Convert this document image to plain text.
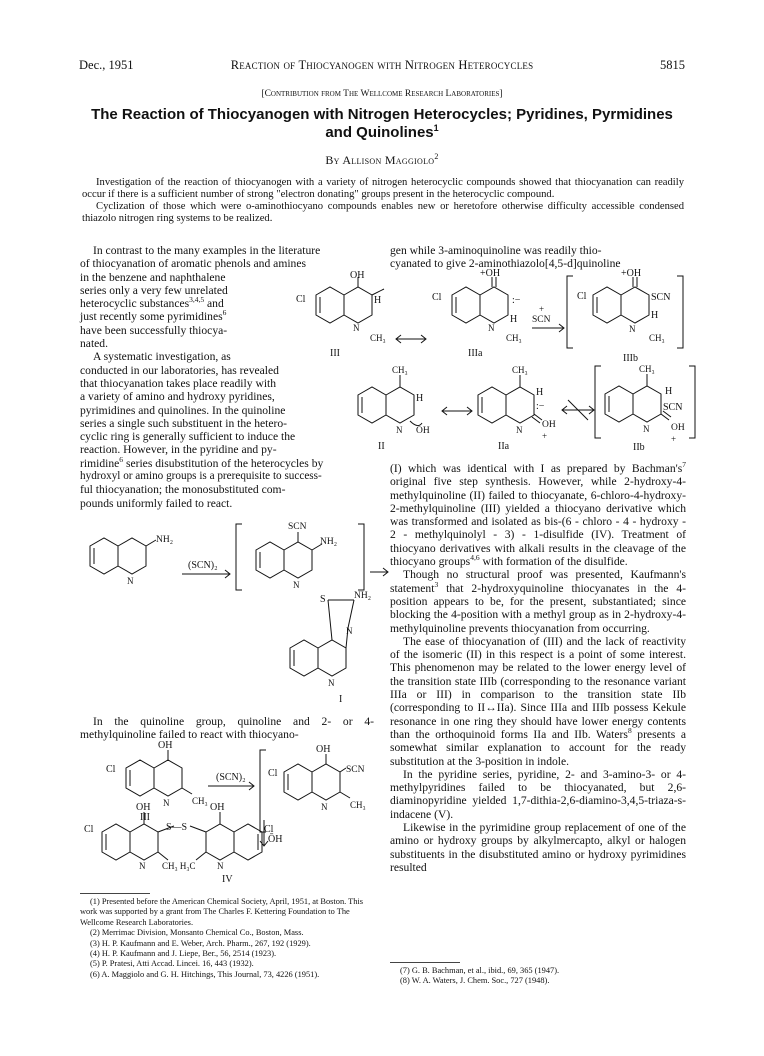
Dec., 1951	Reaction of Thiocyanogen with Nitrogen Heterocycles	5815
[Contribution from The Wellcome Research Laboratories]
The Reaction of Thiocyanogen with Nitrogen Heterocycles; Pyridines, Pyrmidines and Quinolines$^1$
By Allison Maggiolo$^2$

Investigation of the reaction of thiocyanogen with a variety of nitrogen heterocyclic compounds showed that thiocyanation can readily occur if there is a sufficient number of strong "electron donating" groups present in the heterocyclic compound.

Cyclization of those which were o-aminothiocyano compounds enables new or heretofore otherwise difficulty accessible condensed thiazolo nitrogen ring systems to be realized.

In contrast to the many examples in the literature
of thiocyanation of aromatic phenols and amines
in the benzene and naphthalene
series only a very few unrelated
heterocyclic substances$^{3,4,5}$ and
just recently some pyrimidines$^6$
have been successfully thiocya-
nated.
A systematic investigation, as
conducted in our laboratories, has revealed
that thiocyanation takes place readily with
a variety of amino and hydroxy pyridines,
pyrimidines and quinolines. In the quinoline
series a single such substituent in the hetero-
cyclic ring is generally sufficient to induce the
reaction. However, in the pyridine and py-
rimidine$^6$ series disubstitution of the heterocycles by
hydroxyl or amino groups is a prerequisite to success-
ful thiocyanation; the monosubstituted com-
pounds uniformly failed to react.
Cl
OH
H
N
CH₃
III
gen while 3-aminoquinoline was readily thio-
cyanated to give 2-aminothiazolo[4,5-d]quinoline
Cl
+OH
:−
H
N
CH₃
IIIa
+
SCN
Cl
+OH
SCN
H
N
CH₃
IIIb
CH₃
H
N OH
II
CH₃
H
:−
N OH
+
IIa
CH₃
H
SCN
N OH
+
IIb
NH₂
N
(SCN)₂
SCN
NH₂
N
S	NH₂
N
N
I

In the quinoline group, quinoline and 2- or 4-methylquinoline failed to react with thiocyano-

Cl
OH
N	CH₃
III
(SCN)₂ Cl
OH
SCN
N	CH₃
ŌH
Cl
OH	OH
S—S	Cl
N	N
CH₃ H₃C
IV
(1) Presented before the American Chemical Society, April, 1951, at Boston. This work was supported by a grant from The Charles F. Kettering Foundation to The Wellcome Research Laboratories.
(2) Merrimac Division, Monsanto Chemical Co., Boston, Mass.
(3) H. P. Kaufmann and E. Weber, Arch. Pharm., 267, 192 (1929).
(4) H. P. Kaufmann and J. Liepe, Ber., 56, 2514 (1923).
(5) P. Pratesi, Atti Accad. Lincei. 16, 443 (1932).
(6) A. Maggiolo and G. H. Hitchings, This Journal, 73, 4226 (1951).

(I) which was identical with I as prepared by $Bachman's^7$ original five step synthesis. However, while 2-hydroxy-4-methylquinoline (II) failed to thiocyanate, 6-chloro-4-hydroxy-2-methylquinoline (III) yielded a thiocyano derivative which was transformed and isolated as bis-(6 - chloro - 4 - hydroxy - 2 - methylquinolyl - 3) - 1-disulfide (IV). Treatment of thiocyano derivatives with alkali results in the cleavage of the thiocyano groups$^{4,6}$ with formation of the disulfide.

Though no structural proof was presented, Kaufmann's statement$^3$ that 2-hydroxyquinoline thiocyanates in the 4-position appears to be, for the present, substantiated; since blocking the 4-position with a methyl group as in 2-hydroxy-4-methylquinoline prevents thiocyanation from occurring.

The ease of thiocyanation of (III) and the lack of reactivity of the isomeric (II) in this respect is a point of some interest. This phenomenon may be related to the lower energy level of the transition state IIIb (corresponding to the resonance variant IIIa or III) in comparison to the transition state IIb (corresponding to II↔IIa). Since IIIa and IIIb possess Kekule resonance in one ring they should have lower energy contents than the orthoquinoid forms IIa and IIb. Waters$^8$ presents a somewhat similar explanation to account for the ready substitution at the 3-position in indole.

In the pyridine series, pyridine, 2- and 3-amino-3- or 4-methylpyridines failed to be thiocyanated, but 2,6-diaminopyridine yielded 1,7-dithia-2,6-diamino-3,4,5-triaza-s-indacene (V).

Likewise in the pyrimidine group replacement of one of the amino or hydroxy groups by alkylmercapto, alkyl or halogen substituents in the disubstituted amino or hydroxy pyrimidines resulted

(7) G. B. Bachman, et al., ibid., 69, 365 (1947).
(8) W. A. Waters, J. Chem. Soc., 727 (1948).
